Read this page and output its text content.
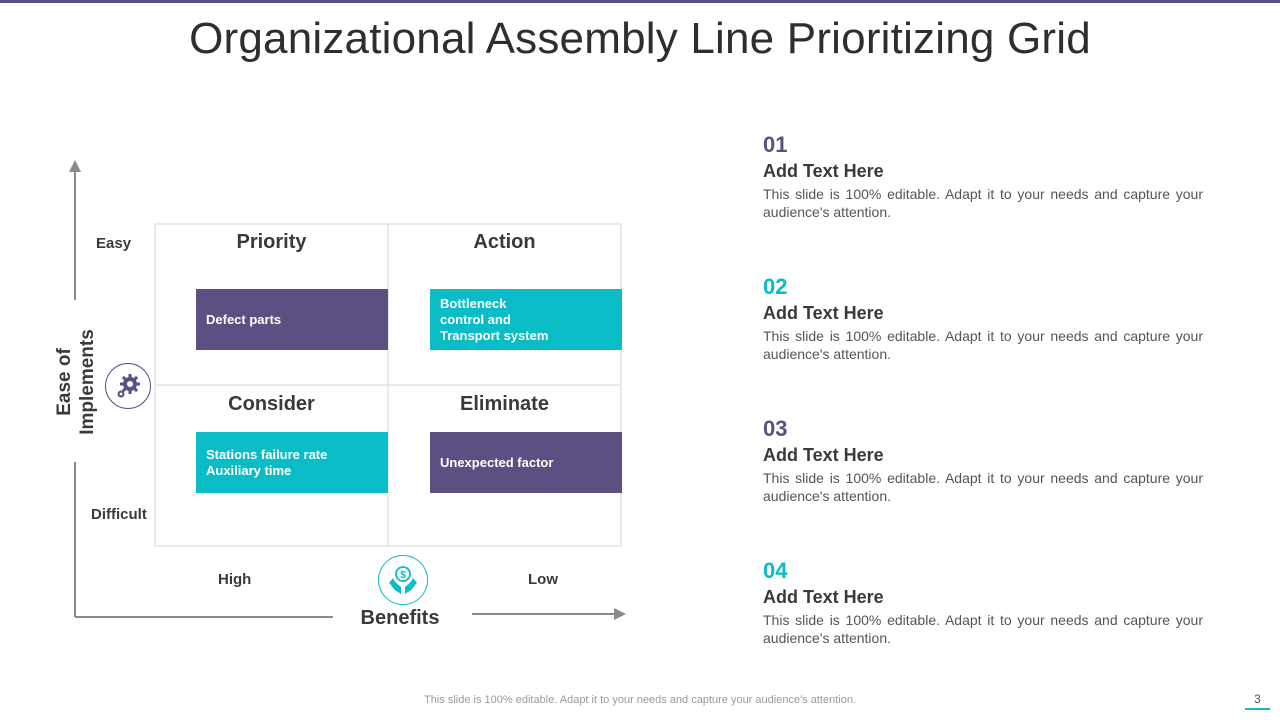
Organizational Assembly Line Prioritizing Grid
Priority	Action
Consider	Eliminate
Defect parts
Bottleneck
control and
Transport system
Stations failure rate
Auxiliary time
Unexpected factor
Easy
Difficult
Ease of
Implements
High	Low
Benefits
$
01
Add Text Here
This slide is 100% editable. Adapt it to your needs and capture your audience's attention.
02
Add Text Here
This slide is 100% editable. Adapt it to your needs and capture your audience's attention.
03
Add Text Here
This slide is 100% editable. Adapt it to your needs and capture your audience's attention.
04
Add Text Here
This slide is 100% editable. Adapt it to your needs and capture your audience's attention.
This slide is 100% editable. Adapt it to your needs and capture your audience's attention.	3
